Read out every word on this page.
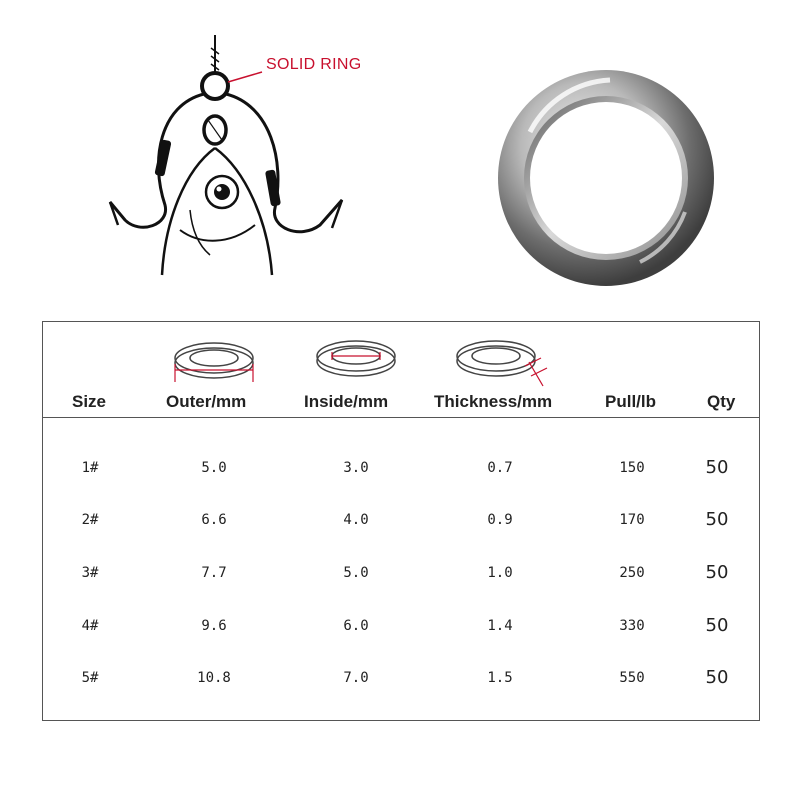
SOLID RING
Size	Outer/mm	Inside/mm	Thickness/mm	Pull/lb	Qty
1#	5.0	3.0	0.7	150	50
2#	6.6	4.0	0.9	170	50
3#	7.7	5.0	1.0	250	50
4#	9.6	6.0	1.4	330	50
5#	10.8	7.0	1.5	550	50
